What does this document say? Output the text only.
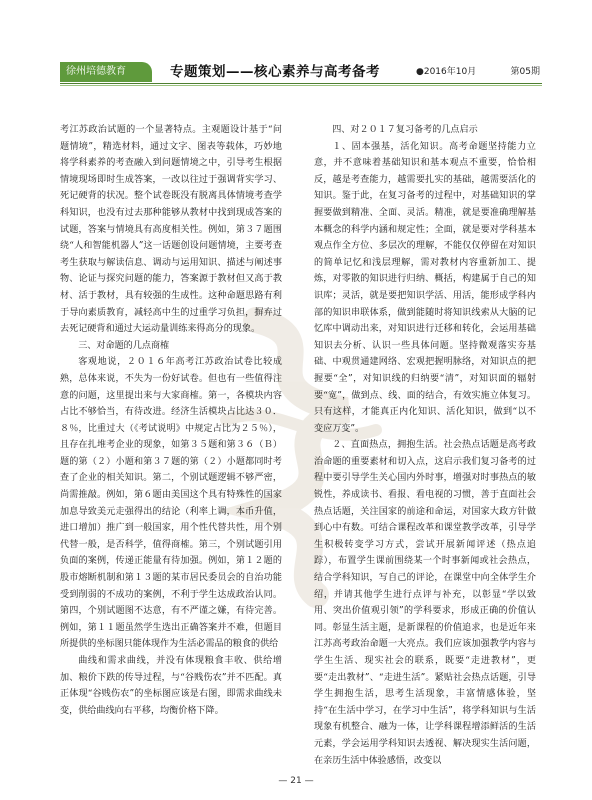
徐州培德教育	专题策划——核心素养与高考备考	●2016年10月	第05期

考江苏政治试题的一个显著特点。主观题设计基于“问题情境”，精选材料，通过文字、图表等载体，巧妙地将学科素养的考查融入到问题情境之中，引导考生根据情境现场即时生成答案，一改以往过于强调背实学习、死记硬背的状况。整个试卷既没有脱离具体情境考查学科知识，也没有过去那种能够从教材中找到现成答案的试题，答案与情境具有高度相关性。例如，第３７题围绕“人和智能机器人”这一话题创设问题情境，主要考查考生获取与解读信息、调动与运用知识、描述与阐述事物、论证与探究问题的能力，答案源于教材但又高于教材、活于教材，具有较强的生成性。这种命题思路有利于导向素质教育，减轻高中生的过重学习负担，摒弃过去死记硬背和通过大运动量训练来得高分的现象。

三、对命题的几点商榷

客观地说，２０１６年高考江苏政治试卷比较成熟，总体来说，不失为一份好试卷。但也有一些值得注意的问题，这里提出来与大家商榷。第一，各模块内容占比不够恰当，有待改进。经济生活模块占比达３０．８％，比重过大（《考试说明》中规定占比为２５％），且存在扎堆考企业的现象，如第３５题和第３６（Ｂ）题的第（２）小题和第３７题的第（２）小题都同时考查了企业的相关知识。第二，个别试题逻辑不够严密，尚需推敲。例如，第６题由美国这个具有特殊性的国家加息导致美元走强得出的结论（利率上调，本币升值，进口增加）推广到一般国家，用个性代替共性，用个别代替一般，是否科学，值得商榷。第三，个别试题引用负面的案例，传递正能量有待加强。例如，第１２题的股市熔断机制和第１３题的某市居民委员会的自治功能受到削弱的不成功的案例，不利于学生达成政治认同。第四，个别试题图不达意，有不严谨之嫌，有待完善。例如，第１１题虽然学生选出正确答案并不难，但题目所提供的坐标图只能体现作为生活必需品的粮食的供给

曲线和需求曲线，并没有体现粮食丰收、供给增加、粮价下跌的传导过程，与“谷贱伤农”并不匹配。真正体现“谷贱伤农”的坐标图应该是右图，即需求曲线未变，供给曲线向右平移，均衡价格下降。

四、对２０１７复习备考的几点启示

１、固本强基，活化知识。高考命题坚持能力立意，并不意味着基础知识和基本观点不重要，恰恰相反，越是考查能力，越需要扎实的基础，越需要活化的知识。鉴于此，在复习备考的过程中，对基础知识的掌握要做到精准、全面、灵活。精准，就是要准确理解基本概念的科学内涵和规定性；全面，就是要对学科基本观点作全方位、多层次的理解，不能仅仅停留在对知识的简单记忆和浅层理解，需对教材内容重新加工、提炼，对零散的知识进行归纳、概括，构建属于自己的知识库；灵活，就是要把知识学活、用活，能形成学科内部的知识串联体系，做到能随时将知识线索从大脑的记忆库中调动出来，对知识进行迁移和转化，会运用基础知识去分析、认识一些具体问题。坚持微观落实夯基础、中观贯通建网络、宏观把握明脉络，对知识点的把握要“全”，对知识线的归纳要“清”，对知识面的辐射要“宽”，做到点、线、面的结合，有效实施立体复习。只有这样，才能真正内化知识、活化知识，做到“以不变应万变”。

２、直面热点，拥抱生活。社会热点话题是高考政治命题的重要素材和切入点，这启示我们复习备考的过程中要引导学生关心国内外时事，增强对时事热点的敏锐性，养成读书、看报、看电视的习惯，善于直面社会热点话题，关注国家的前途和命运，对国家大政方针做到心中有数。可结合课程改革和课堂教学改革，引导学生积极转变学习方式，尝试开展新闻评述（热点追踪），布置学生课前围绕某一个时事新闻或社会热点，结合学科知识，写自己的评论，在课堂中向全体学生介绍，并请其他学生进行点评与补充，以彰显“学以致用、突出价值观引领”的学科要求，形成正确的价值认同。彰显生活主题，是新课程的价值追求，也是近年来江苏高考政治命题一大亮点。我们应该加强教学内容与学生生活、现实社会的联系，既要“走进教材”，更要“走出教材”、“走进生活”。紧贴社会热点话题，引导学生拥抱生活，思考生活现象，丰富情感体验，坚持“在生活中学习，在学习中生活”，将学科知识与生活现象有机整合、融为一体，让学科课程增添鲜活的生活元素，学会运用学科知识去透视、解决现实生活问题，在亲历生活中体验感悟，改变以

— 21 —
